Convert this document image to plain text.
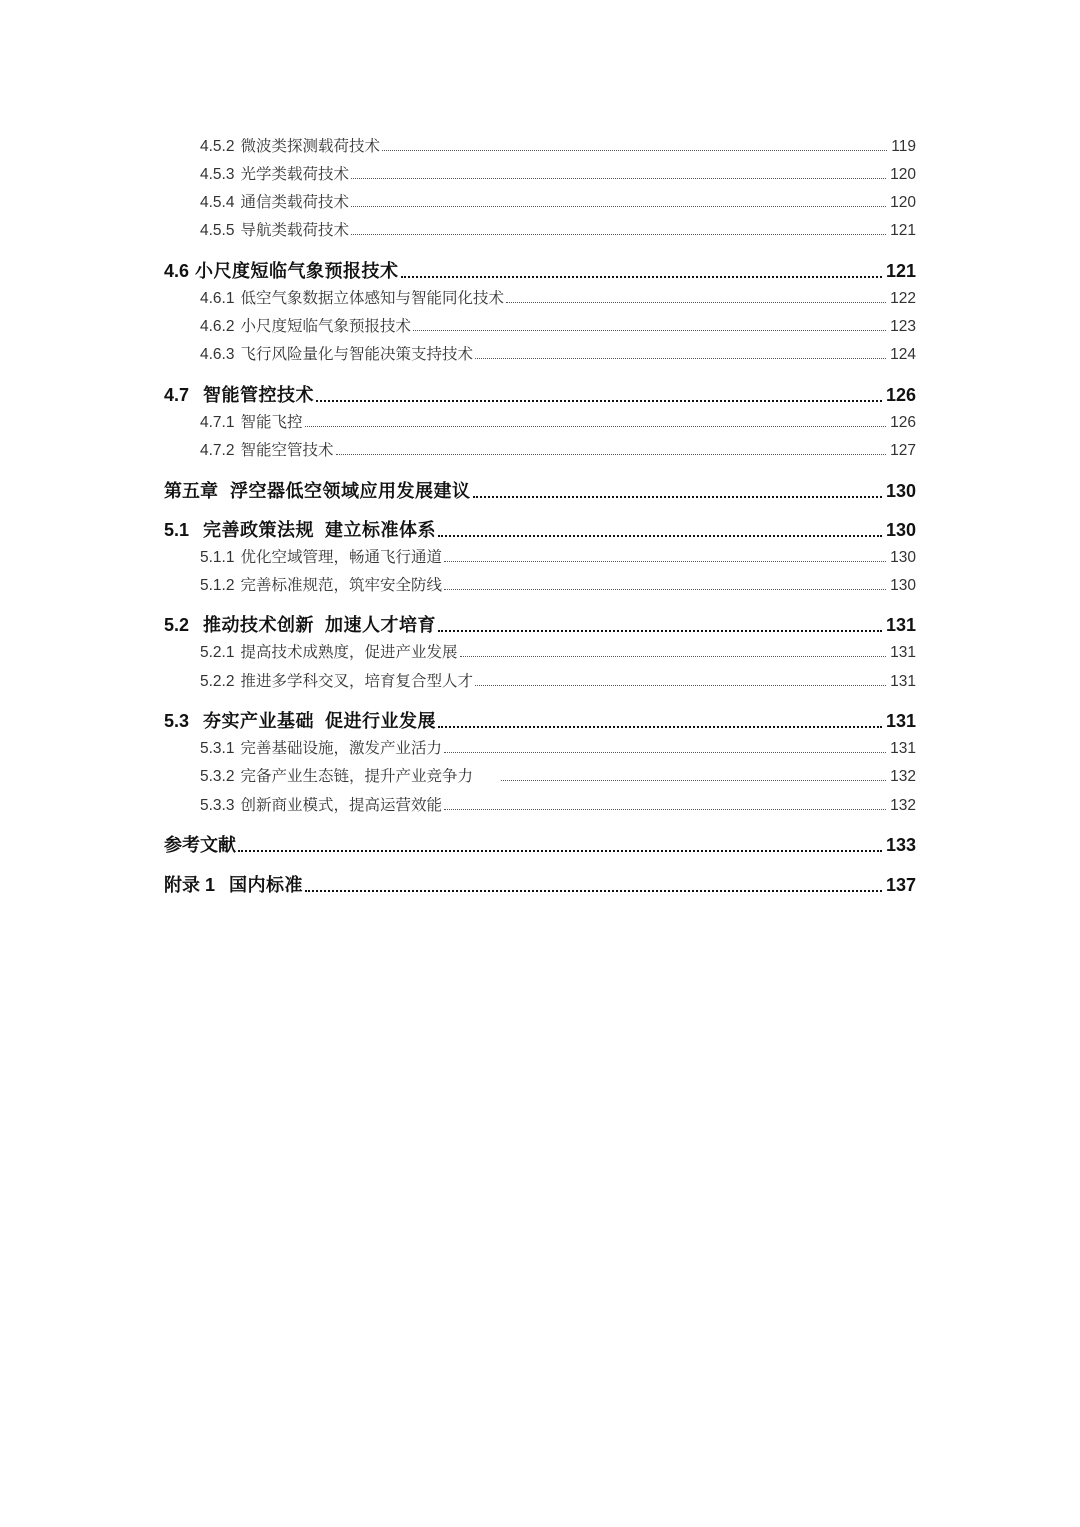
4.5.2 微波类探测载荷技术	119
4.5.3 光学类载荷技术	120
4.5.4 通信类载荷技术	120
4.5.5 导航类载荷技术	121
4.6 小尺度短临气象预报技术	121
4.6.1 低空气象数据立体感知与智能同化技术	122
4.6.2 小尺度短临气象预报技术	123
4.6.3 飞行风险量化与智能决策支持技术	124
4.7 智能管控技术	126
4.7.1 智能飞控	126
4.7.2 智能空管技术	127
第五章 浮空器低空领域应用发展建议	130
5.1 完善政策法规  建立标准体系	130
5.1.1 优化空域管理，畅通飞行通道	130
5.1.2 完善标准规范，筑牢安全防线	130
5.2 推动技术创新  加速人才培育	131
5.2.1 提高技术成熟度，促进产业发展	131
5.2.2 推进多学科交叉，培育复合型人才	131
5.3 夯实产业基础  促进行业发展	131
5.3.1 完善基础设施，激发产业活力	131
5.3.2 完备产业生态链，提升产业竞争力	132
5.3.3 创新商业模式，提高运营效能	132
参考文献	133
附录 1 国内标准	137
